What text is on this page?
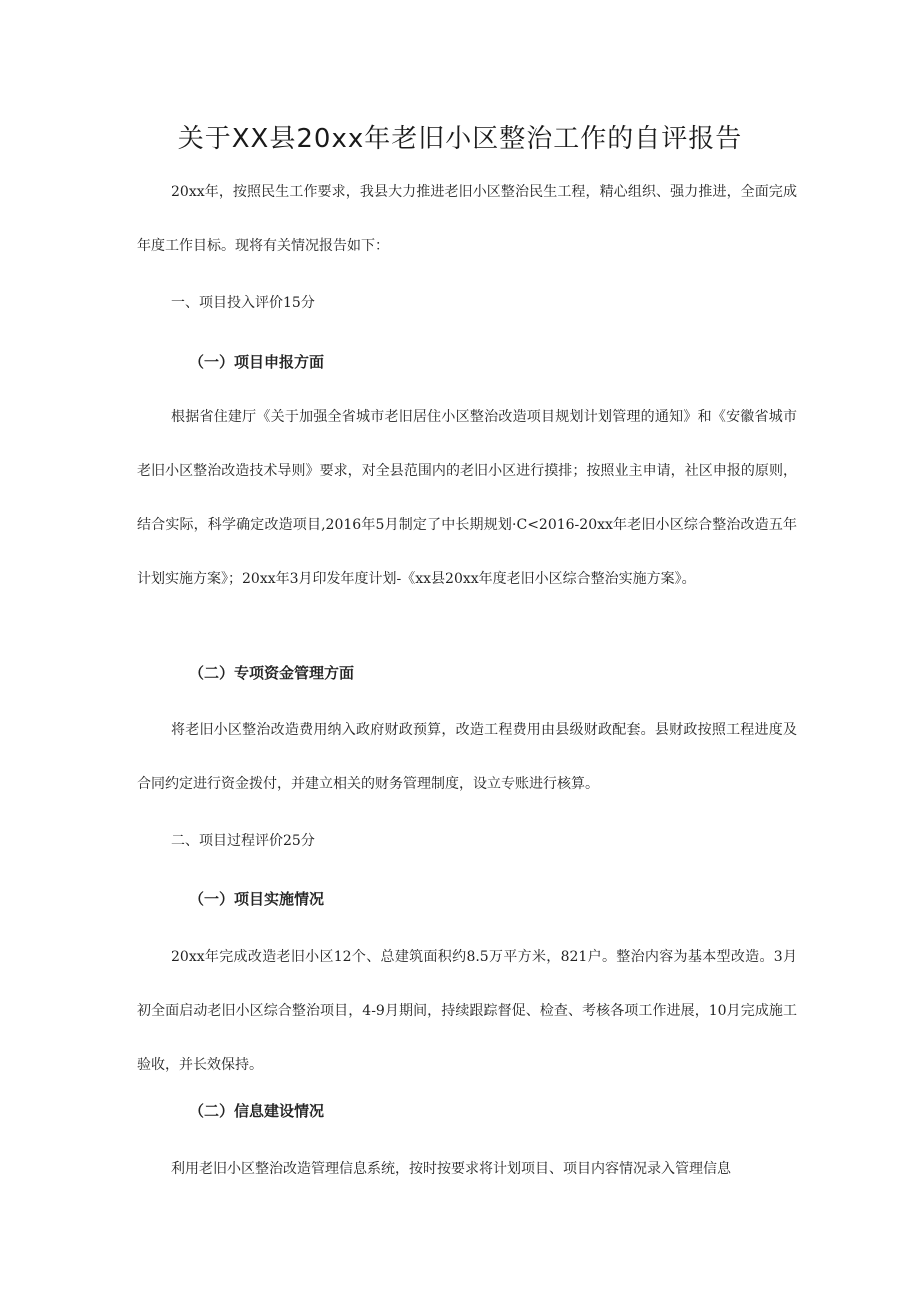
关于XX县20xx年老旧小区整治工作的自评报告

20xx年，按照民生工作要求，我县大力推进老旧小区整治民生工程，精心组织、强力推进，全面完成年度工作目标。现将有关情况报告如下：

一、项目投入评价15分

（一）项目申报方面

根据省住建厅《关于加强全省城市老旧居住小区整治改造项目规划计划管理的通知》和《安徽省城市老旧小区整治改造技术导则》要求，对全县范围内的老旧小区进行摸排；按照业主申请，社区申报的原则，结合实际，科学确定改造项目,2016年5月制定了中长期规划·C<2016-20xx年老旧小区综合整治改造五年计划实施方案》；20xx年3月印发年度计划-《xx县20xx年度老旧小区综合整治实施方案》。

（二）专项资金管理方面

将老旧小区整治改造费用纳入政府财政预算，改造工程费用由县级财政配套。县财政按照工程进度及合同约定进行资金拨付，并建立相关的财务管理制度，设立专账进行核算。

二、项目过程评价25分

（一）项目实施情况

20xx年完成改造老旧小区12个、总建筑面积约8.5万平方米，821户。整治内容为基本型改造。3月初全面启动老旧小区综合整治项目，4-9月期间，持续跟踪督促、检查、考核各项工作进展，10月完成施工验收，并长效保持。

（二）信息建设情况

利用老旧小区整治改造管理信息系统，按时按要求将计划项目、项目内容情况录入管理信息
